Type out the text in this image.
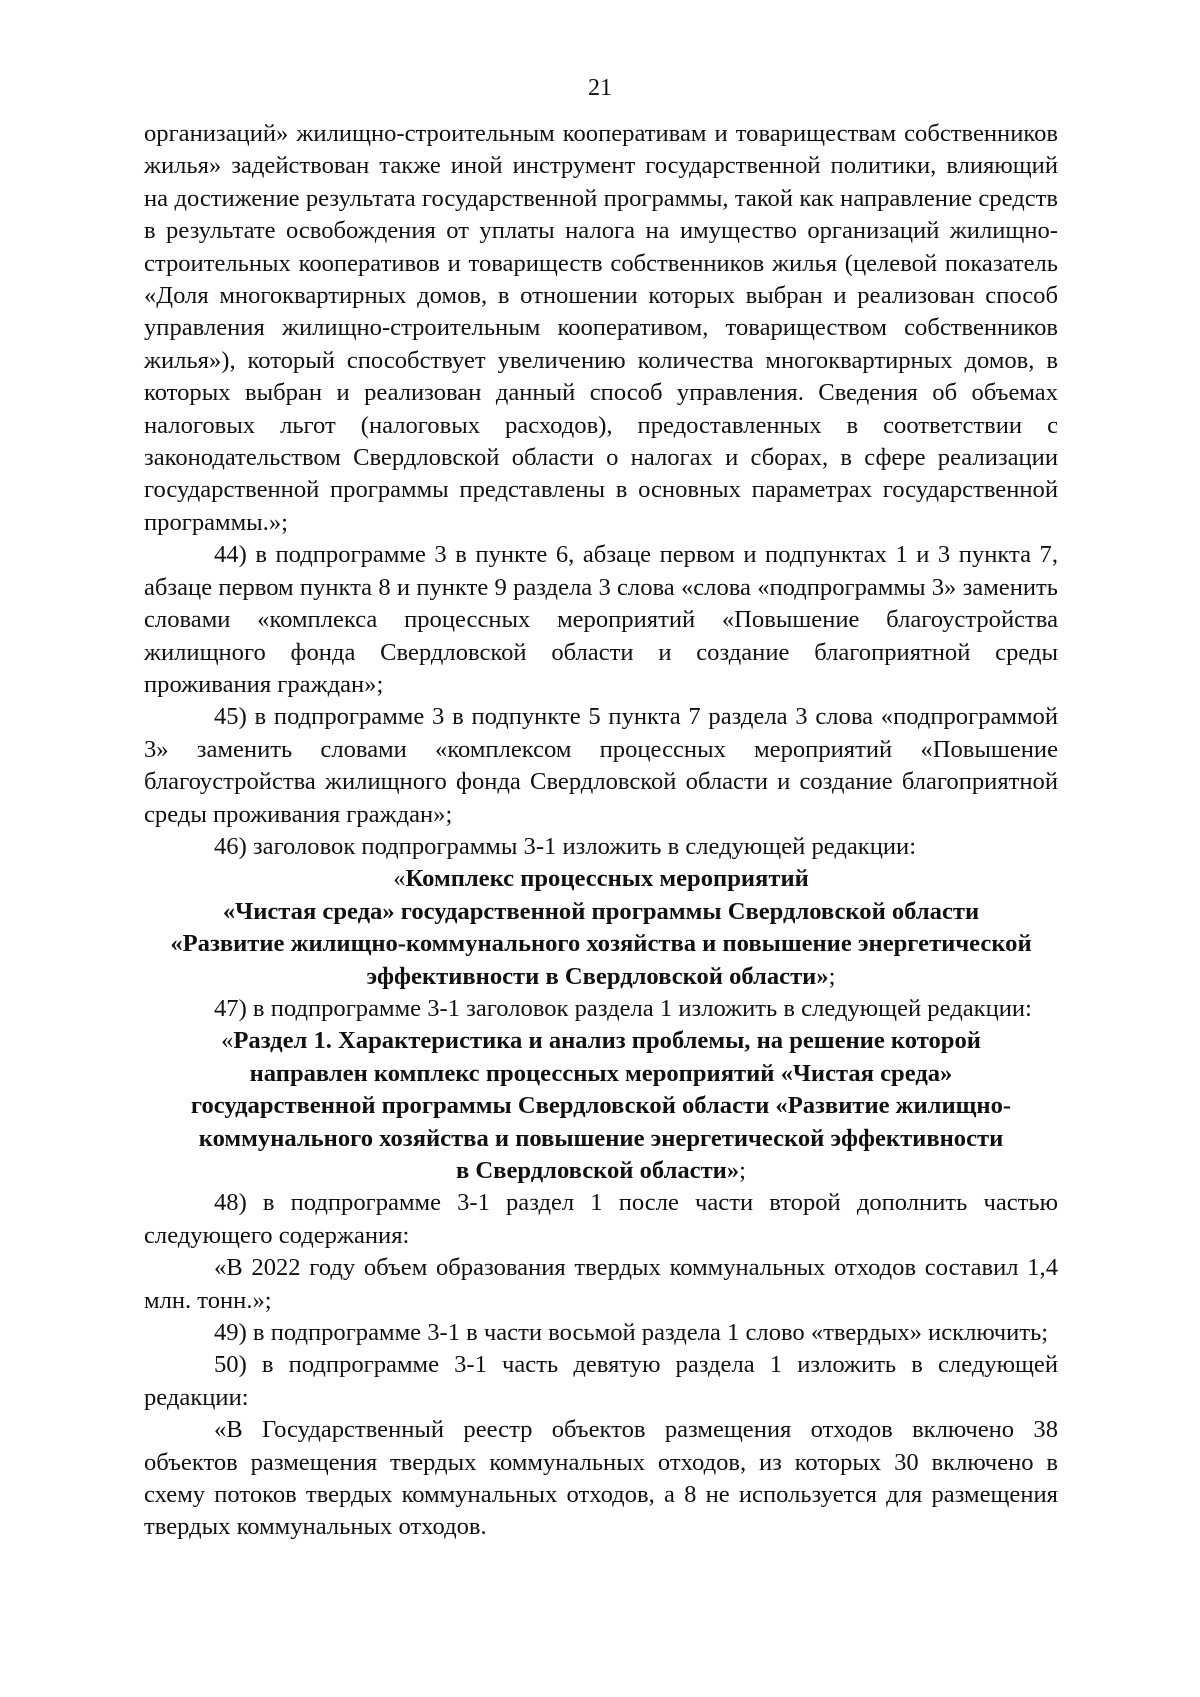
21

организаций» жилищно-строительным кооперативам и товариществам собственников жилья» задействован также иной инструмент государственной политики, влияющий на достижение результата государственной программы, такой как направление средств в результате освобождения от уплаты налога на имущество организаций жилищно-строительных кооперативов и товариществ собственников жилья (целевой показатель «Доля многоквартирных домов, в отношении которых выбран и реализован способ управления жилищно-строительным кооперативом, товариществом собственников жилья»), который способствует увеличению количества многоквартирных домов, в которых выбран и реализован данный способ управления. Сведения об объемах налоговых льгот (налоговых расходов), предоставленных в соответствии с законодательством Свердловской области о налогах и сборах, в сфере реализации государственной программы представлены в основных параметрах государственной программы.»;

44) в подпрограмме 3 в пункте 6, абзаце первом и подпунктах 1 и 3 пункта 7, абзаце первом пункта 8 и пункте 9 раздела 3 слова «слова «подпрограммы 3» заменить словами «комплекса процессных мероприятий «Повышение благоустройства жилищного фонда Свердловской области и создание благоприятной среды проживания граждан»;

45) в подпрограмме 3 в подпункте 5 пункта 7 раздела 3 слова «подпрограммой 3» заменить словами «комплексом процессных мероприятий «Повышение благоустройства жилищного фонда Свердловской области и создание благоприятной среды проживания граждан»;

46) заголовок подпрограммы 3-1 изложить в следующей редакции:

«Комплекс процессных мероприятий

«Чистая среда» государственной программы Свердловской области

«Развитие жилищно-коммунального хозяйства и повышение энергетической

эффективности в Свердловской области»;

47) в подпрограмме 3-1 заголовок раздела 1 изложить в следующей редакции:

«Раздел 1. Характеристика и анализ проблемы, на решение которой

направлен комплекс процессных мероприятий «Чистая среда»

государственной программы Свердловской области «Развитие жилищно-

коммунального хозяйства и повышение энергетической эффективности

в Свердловской области»;

48) в подпрограмме 3-1 раздел 1 после части второй дополнить частью следующего содержания:

«В 2022 году объем образования твердых коммунальных отходов составил 1,4 млн. тонн.»;

49) в подпрограмме 3-1 в части восьмой раздела 1 слово «твердых» исключить;

50) в подпрограмме 3-1 часть девятую раздела 1 изложить в следующей редакции:

«В Государственный реестр объектов размещения отходов включено 38 объектов размещения твердых коммунальных отходов, из которых 30 включено в схему потоков твердых коммунальных отходов, а 8 не используется для размещения твердых коммунальных отходов.
